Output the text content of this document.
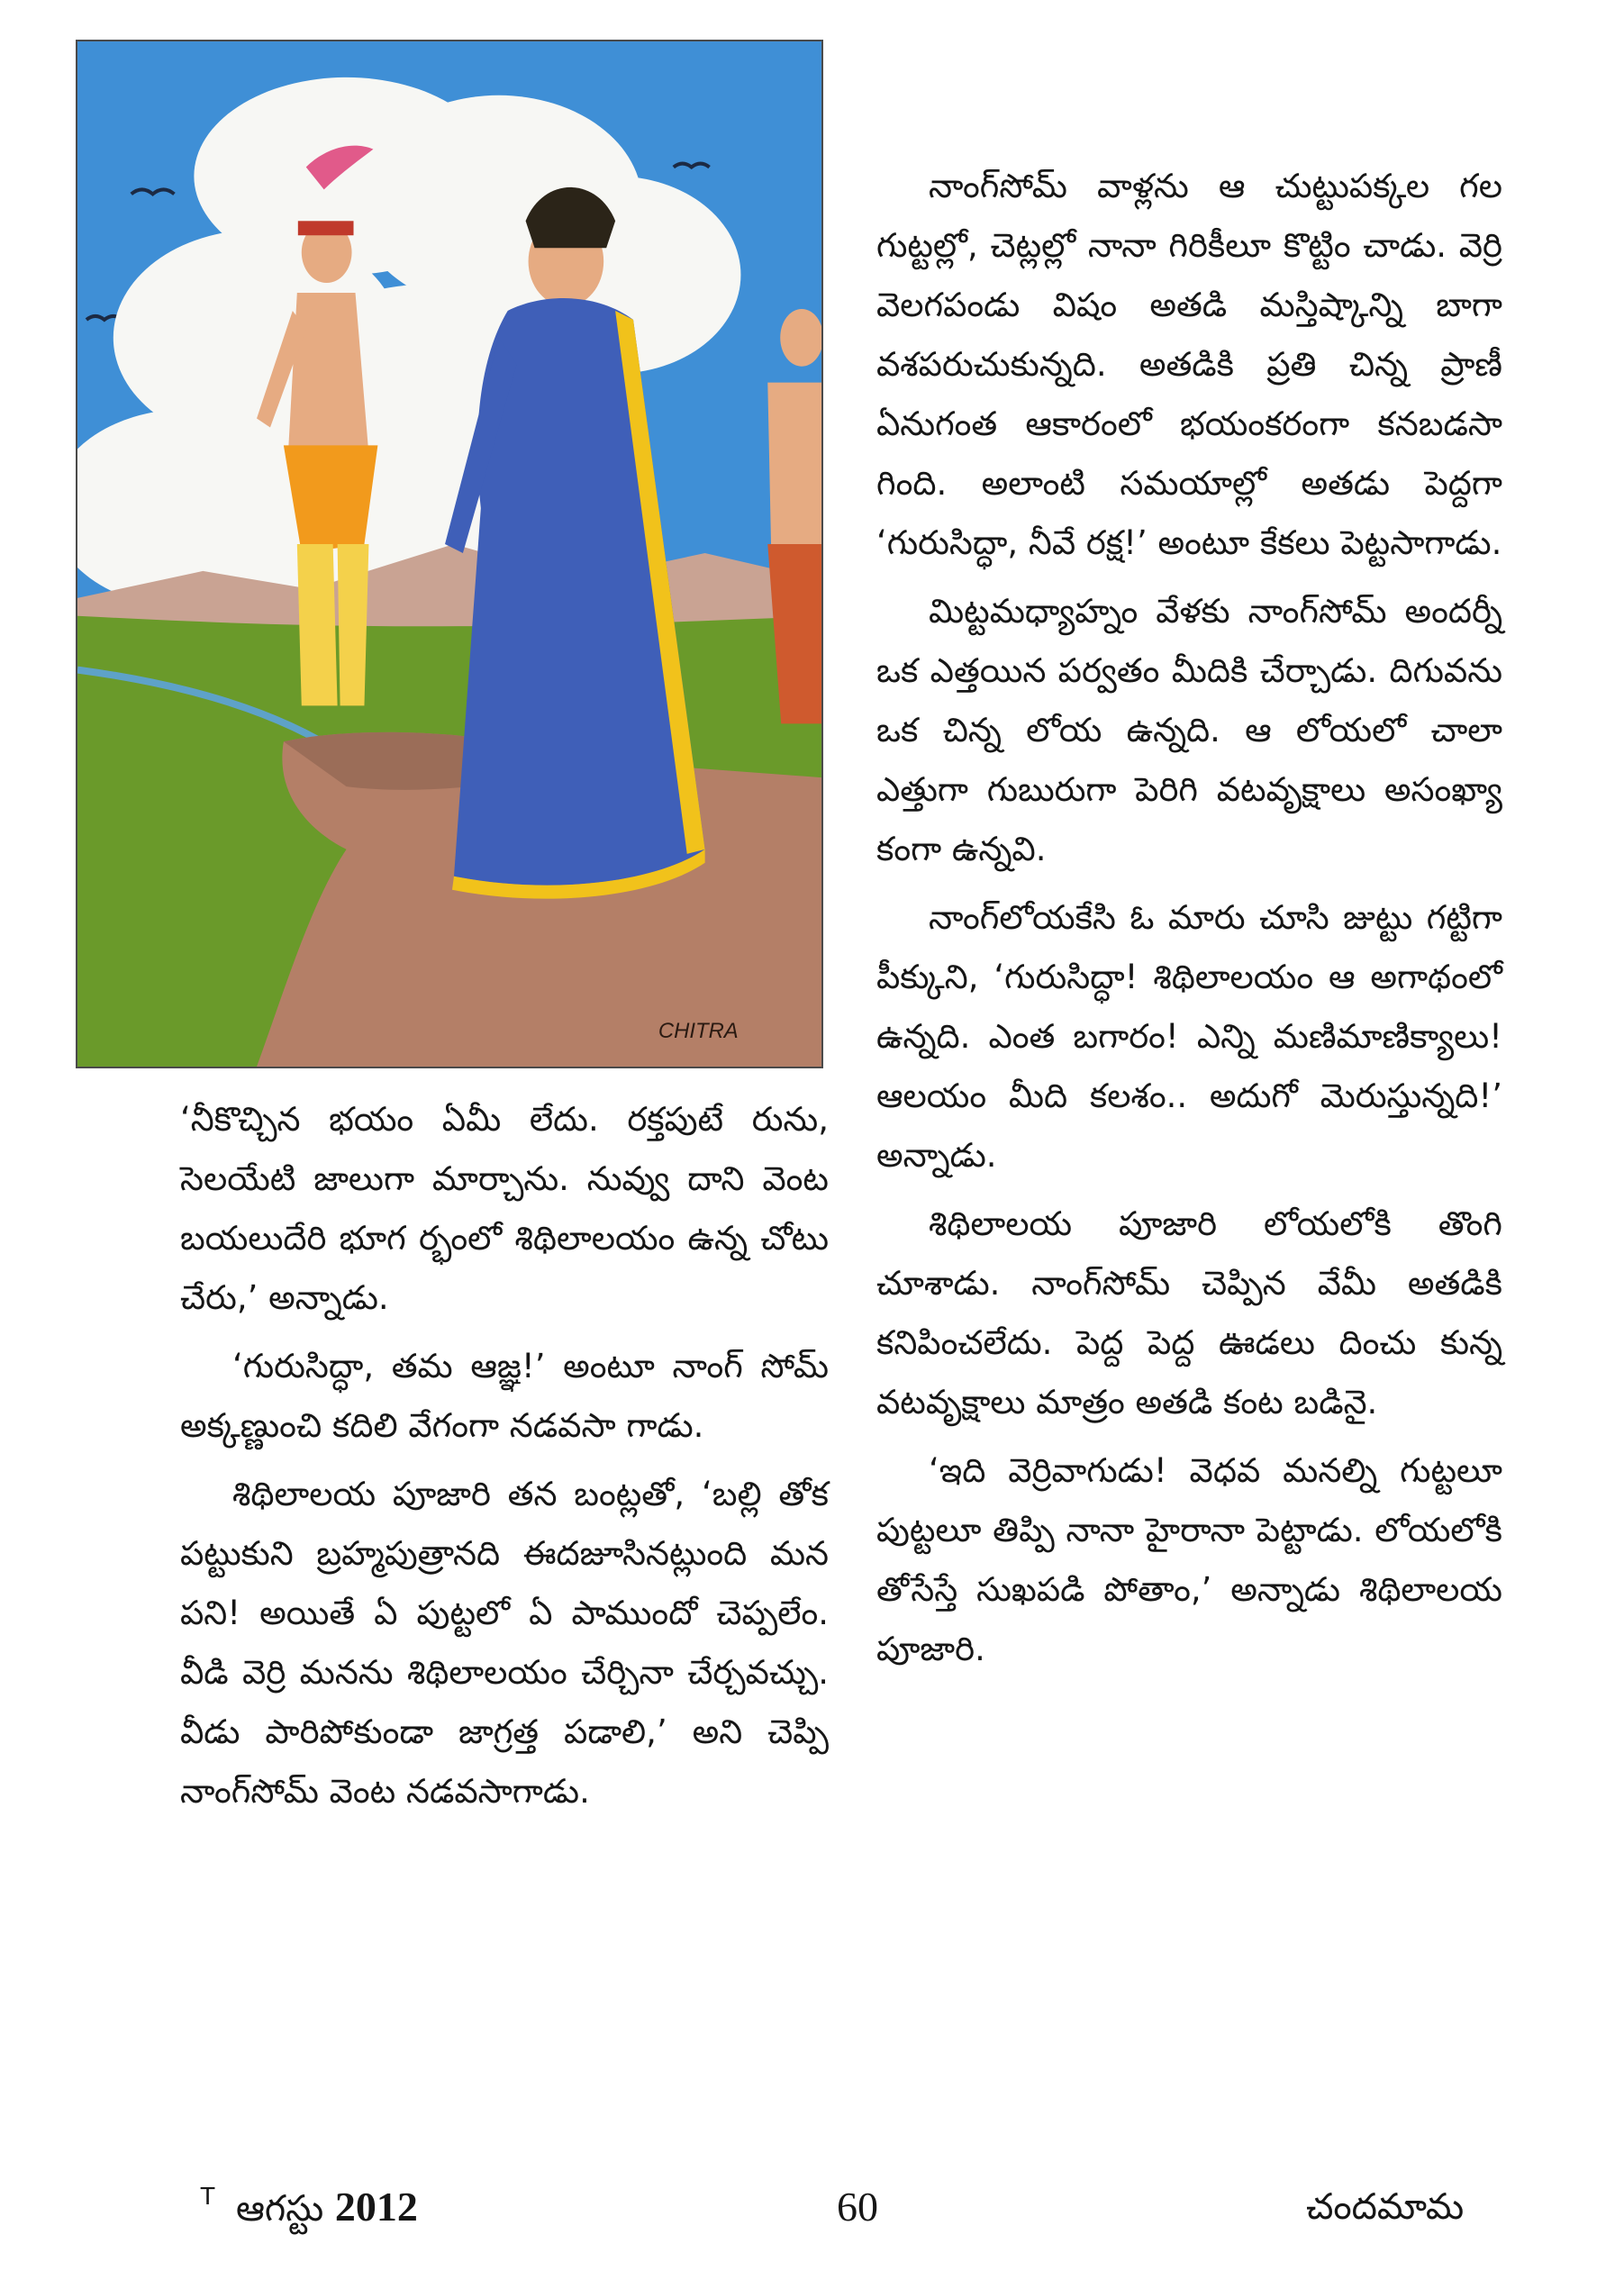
CHITRA

‘నీకొచ్చిన భయం ఏమీ లేదు. రక్తపుటే రును, సెలయేటి జాలుగా మార్చాను. నువ్వు దాని వెంట బయలుదేరి భూగ ర్భంలో శిథిలాలయం ఉన్న చోటు చేరు,’ అన్నాడు.

‘గురుసిద్ధా, తమ ఆజ్ఞ!’ అంటూ నాంగ్ సోమ్ అక్కణ్ణుంచి కదిలి వేగంగా నడవసా గాడు.

శిథిలాలయ పూజారి తన బంట్లతో, ‘బల్లి తోక పట్టుకుని బ్రహ్మపుత్రానది ఈదజూసినట్లుంది మన పని! అయితే ఏ పుట్టలో ఏ పాముందో చెప్పలేం. వీడి వెర్రి మనను శిథిలాలయం చేర్చినా చేర్చవచ్చు. వీడు పారిపోకుండా జాగ్రత్త పడాలి,’ అని చెప్పి నాంగ్‌సోమ్ వెంట నడవసాగాడు.

నాంగ్‌సోమ్ వాళ్లను ఆ చుట్టుపక్కల గల గుట్టల్లో, చెట్లల్లో నానా గిరికీలూ కొట్టిం చాడు. వెర్రి వెలగపండు విషం అతడి మస్తిష్కాన్ని బాగా వశపరుచుకున్నది. అతడికి ప్రతి చిన్న ప్రాణీ ఏనుగంత ఆకారంలో భయంకరంగా కనబడసా గింది. అలాంటి సమయాల్లో అతడు పెద్దగా ‘గురుసిద్ధా, నీవే రక్ష!’ అంటూ కేకలు పెట్టసాగాడు.

మిట్టమధ్యాహ్నం వేళకు నాంగ్‌సోమ్ అందర్నీ ఒక ఎత్తయిన పర్వతం మీదికి చేర్చాడు. దిగువను ఒక చిన్న లోయ ఉన్నది. ఆ లోయలో చాలా ఎత్తుగా గుబురుగా పెరిగి వటవృక్షాలు అసంఖ్యా కంగా ఉన్నవి.

నాంగ్‌లోయకేసి ఓ మారు చూసి జుట్టు గట్టిగా పీక్కుని, ‘గురుసిద్ధా! శిథిలాలయం ఆ అగాథంలో ఉన్నది. ఎంత బగారం! ఎన్ని మణిమాణిక్యాలు! ఆలయం మీది కలశం.. అదుగో మెరుస్తున్నది!’ అన్నాడు.

శిథిలాలయ పూజారి లోయలోకి తొంగి చూశాడు. నాంగ్‌సోమ్ చెప్పిన వేమీ అతడికి కనిపించలేదు. పెద్ద పెద్ద ఊడలు దించు కున్న వటవృక్షాలు మాత్రం అతడి కంట బడినై.

‘ఇది వెర్రివాగుడు! వెధవ మనల్ని గుట్టలూ పుట్టలూ తిప్పి నానా హైరానా పెట్టాడు. లోయలోకి తోసేస్తే సుఖపడి పోతాం,’ అన్నాడు శిథిలాలయ పూజారి.

T ఆగస్టు 2012	60	చందమామ
